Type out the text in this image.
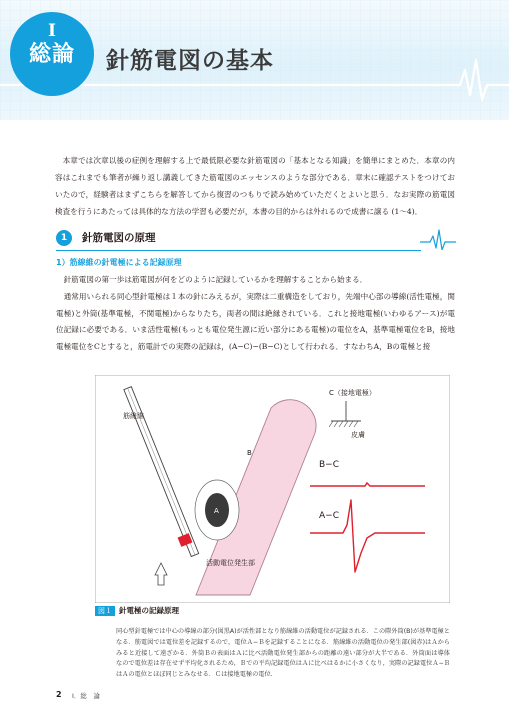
Ⅰ
総論	針筋電図の基本

本章では次章以後の症例を理解する上で最低限必要な針筋電図の「基本となる知識」を簡単にまとめた．本章の内容はこれまでも筆者が繰り返し講義してきた筋電図のエッセンスのような部分である．章末に確認テストをつけておいたので，経験者はまずこちらを解答してから復習のつもりで読み始めていただくとよいと思う．なお実際の筋電図検査を行うにあたっては具体的な方法の学習も必要だが，本書の目的からは外れるので成書に譲る (1〜4)．

1	針筋電図の原理
1）筋線維の針電極による記録原理

針筋電図の第一歩は筋電図が何をどのように記録しているかを理解することから始まる．

通常用いられる同心型針電極は１本の針にみえるが，実際は二重構造をしており，先端中心部の導線(活性電極，関電極)と外筒(基準電極，不関電極)からなりたち，両者の間は絶縁されている．これと接地電極(いわゆるアース)が電位記録に必要である．いま活性電極(もっとも電位発生源に近い部分にある電極)の電位をA，基準電極電位をB，接地電極電位をCとすると，筋電計での実際の記録は，(A−C)−(B−C)として行われる．すなわちA，Bの電極と接

筋線維
B
A
活動電位発生部
C（接地電極）
皮膚
B−C
A−C
図１ $^{針電極の記録原理}$
同心型針電極では中心の導線の部分(図黒A)が活性部となり筋線維の活動電位が記録される．この際外筒(B)が基準電極となる．筋電図では電位差を記録するので，電位Ａ−Ｂを記録することになる．筋線維の活動電位の発生部(図赤)はＡからみると近接して遠ざかる．外筒Ｂの表面はＡに比べ活動電位発生部からの距離の遠い部分が大半である．外筒面は導体なので電位差は存在せず平均化されるため，Ｂでの平均記録電位はＡに比べはるかに小さくなり，実際の記録電位Ａ−ＢはＡの電位とほぼ同じとみなせる．Ｃは接地電極の電位．
2 Ⅰ．総　論
